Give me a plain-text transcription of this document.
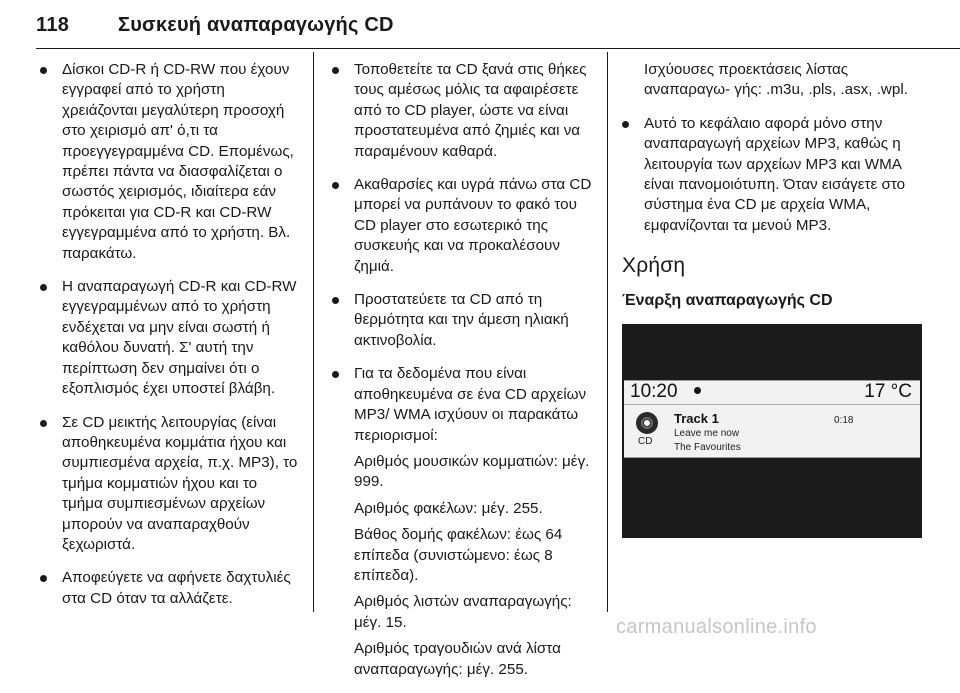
118 Συσκευή αναπαραγωγής CD

Δίσκοι CD-R ή CD-RW που έχουν εγγραφεί από το χρήστη χρειάζονται μεγαλύτερη προσοχή στο χειρισμό απ' ό,τι τα προεγγεγραμμένα CD. Επομένως, πρέπει πάντα να διασφαλίζεται ο σωστός χειρισμός, ιδιαίτερα εάν πρόκειται για CD-R και CD-RW εγγεγραμμένα από το χρήστη. Βλ. παρακάτω.

Η αναπαραγωγή CD-R και CD-RW εγγεγραμμένων από το χρήστη ενδέχεται να μην είναι σωστή ή καθόλου δυνατή. Σ' αυτή την περίπτωση δεν σημαίνει ότι ο εξοπλισμός έχει υποστεί βλάβη.

Σε CD μεικτής λειτουργίας (είναι αποθηκευμένα κομμάτια ήχου και συμπιεσμένα αρχεία, π.χ. MP3), το τμήμα κομματιών ήχου και το τμήμα συμπιεσμένων αρχείων μπορούν να αναπαραχθούν ξεχωριστά.

Αποφεύγετε να αφήνετε δαχτυλιές στα CD όταν τα αλλάζετε.

Τοποθετείτε τα CD ξανά στις θήκες τους αμέσως μόλις τα αφαιρέσετε από το CD player, ώστε να είναι προστατευμένα από ζημιές και να παραμένουν καθαρά.

Ακαθαρσίες και υγρά πάνω στα CD μπορεί να ρυπάνουν το φακό του CD player στο εσωτερικό της συσκευής και να προκαλέσουν ζημιά.

Προστατεύετε τα CD από τη θερμότητα και την άμεση ηλιακή ακτινοβολία.

Για τα δεδομένα που είναι αποθηκευμένα σε ένα CD αρχείων MP3/ WMA ισχύουν οι παρακάτω περιορισμοί:

Αριθμός μουσικών κομματιών: μέγ. 999.

Αριθμός φακέλων: μέγ. 255.

Βάθος δομής φακέλων: έως 64 επίπεδα (συνιστώμενο: έως 8 επίπεδα).

Αριθμός λιστών αναπαραγωγής: μέγ. 15.

Αριθμός τραγουδιών ανά λίστα αναπαραγωγής: μέγ. 255.

Ισχύουσες προεκτάσεις λίστας αναπαραγω- γής: .m3u, .pls, .asx, .wpl.

Αυτό το κεφάλαιο αφορά μόνο στην αναπαραγωγή αρχείων MP3, καθώς η λειτουργία των αρχείων MP3 και WMA είναι πανομοιότυπη. Όταν εισάγετε στο σύστημα ένα CD με αρχεία WMA, εμφανίζονται τα μενού MP3.

Χρήση
Έναρξη αναπαραγωγής CD
10:20	17 °C
CD
Track 1
Leave me now
The Favourites
0:18
carmanualsonline.info
